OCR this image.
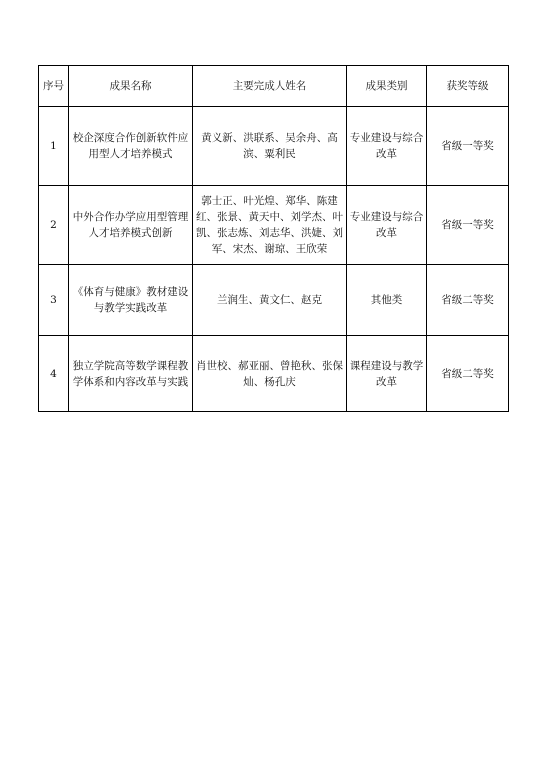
序号	成果名称	主要完成人姓名	成果类别	获奖等级
1	校企深度合作创新软件应用型人才培养模式	黄义新、洪联系、吴余舟、高滨、粟利民	专业建设与综合改革	省级一等奖
2	中外合作办学应用型管理人才培养模式创新	郭士正、叶光煌、郑华、陈建红、张景、黄天中、刘学杰、叶凯、张志炼、刘志华、洪婕、刘军、宋杰、谢琼、王欣荣	专业建设与综合改革	省级一等奖
3	《体育与健康》教材建设与教学实践改革	兰润生、黄文仁、赵克	其他类	省级二等奖
4	独立学院高等数学课程教学体系和内容改革与实践	肖世校、郝亚丽、曾艳秋、张保灿、杨孔庆	课程建设与教学改革	省级二等奖
